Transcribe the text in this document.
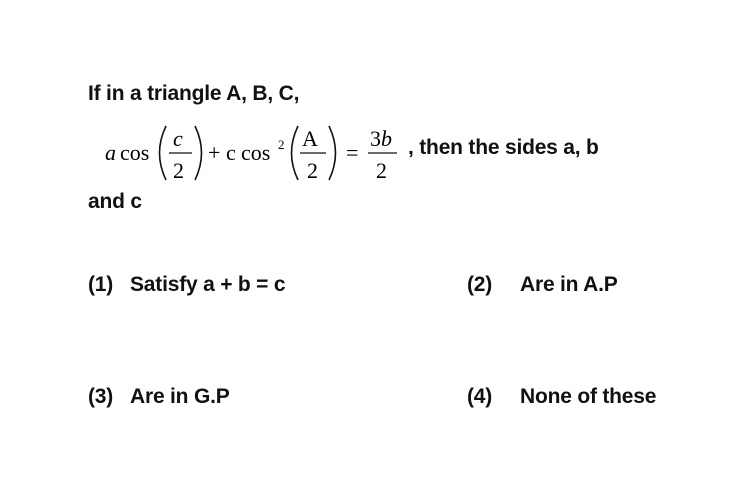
If in a triangle A, B, C,
a cos
c
2
+ c cos 2 A
2
=
3b
2
, then the sides a, b
and c
(1) Satisfy a + b = c	(2) Are in A.P
(3) Are in G.P	(4) None of these
